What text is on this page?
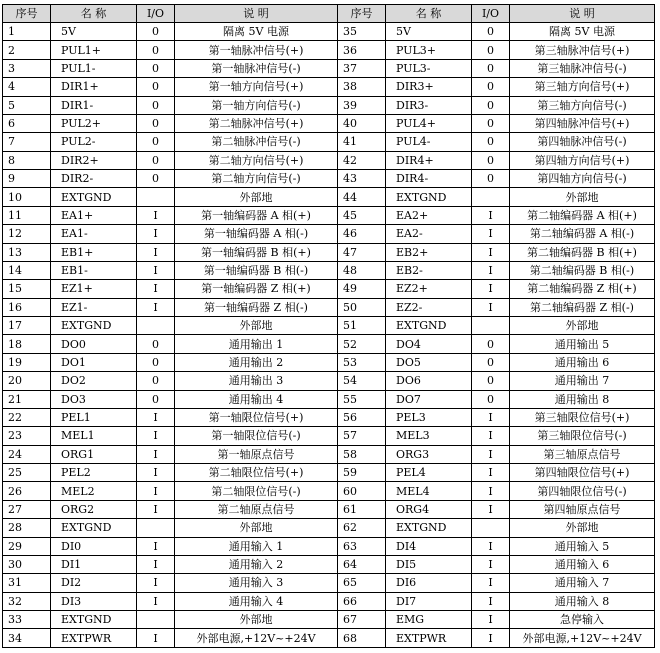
序号	名 称	I/O	说 明	序号	名 称	I/O	说 明
1	5V	0	隔离 5V 电源	35	5V	0	隔离 5V 电源
2	PUL1+	0	第一轴脉冲信号(+)	36	PUL3+	0	第三轴脉冲信号(+)
3	PUL1-	0	第一轴脉冲信号(-)	37	PUL3-	0	第三轴脉冲信号(-)
4	DIR1+	0	第一轴方向信号(+)	38	DIR3+	0	第三轴方向信号(+)
5	DIR1-	0	第一轴方向信号(-)	39	DIR3-	0	第三轴方向信号(-)
6	PUL2+	0	第二轴脉冲信号(+)	40	PUL4+	0	第四轴脉冲信号(+)
7	PUL2-	0	第二轴脉冲信号(-)	41	PUL4-	0	第四轴脉冲信号(-)
8	DIR2+	0	第二轴方向信号(+)	42	DIR4+	0	第四轴方向信号(+)
9	DIR2-	0	第二轴方向信号(-)	43	DIR4-	0	第四轴方向信号(-)
10	EXTGND		外部地	44	EXTGND		外部地
11	EA1+	I	第一轴编码器 A 相(+)	45	EA2+	I	第二轴编码器 A 相(+)
12	EA1-	I	第一轴编码器 A 相(-)	46	EA2-	I	第二轴编码器 A 相(-)
13	EB1+	I	第一轴编码器 B 相(+)	47	EB2+	I	第二轴编码器 B 相(+)
14	EB1-	I	第一轴编码器 B 相(-)	48	EB2-	I	第二轴编码器 B 相(-)
15	EZ1+	I	第一轴编码器 Z 相(+)	49	EZ2+	I	第二轴编码器 Z 相(+)
16	EZ1-	I	第一轴编码器 Z 相(-)	50	EZ2-	I	第二轴编码器 Z 相(-)
17	EXTGND		外部地	51	EXTGND		外部地
18	DO0	0	通用输出 1	52	DO4	0	通用输出 5
19	DO1	0	通用输出 2	53	DO5	0	通用输出 6
20	DO2	0	通用输出 3	54	DO6	0	通用输出 7
21	DO3	0	通用输出 4	55	DO7	0	通用输出 8
22	PEL1	I	第一轴限位信号(+)	56	PEL3	I	第三轴限位信号(+)
23	MEL1	I	第一轴限位信号(-)	57	MEL3	I	第三轴限位信号(-)
24	ORG1	I	第一轴原点信号	58	ORG3	I	第三轴原点信号
25	PEL2	I	第二轴限位信号(+)	59	PEL4	I	第四轴限位信号(+)
26	MEL2	I	第二轴限位信号(-)	60	MEL4	I	第四轴限位信号(-)
27	ORG2	I	第二轴原点信号	61	ORG4	I	第四轴原点信号
28	EXTGND		外部地	62	EXTGND		外部地
29	DI0	I	通用输入 1	63	DI4	I	通用输入 5
30	DI1	I	通用输入 2	64	DI5	I	通用输入 6
31	DI2	I	通用输入 3	65	DI6	I	通用输入 7
32	DI3	I	通用输入 4	66	DI7	I	通用输入 8
33	EXTGND		外部地	67	EMG	I	急停输入
34	EXTPWR	I	外部电源,+12V~+24V	68	EXTPWR	I	外部电源,+12V~+24V
